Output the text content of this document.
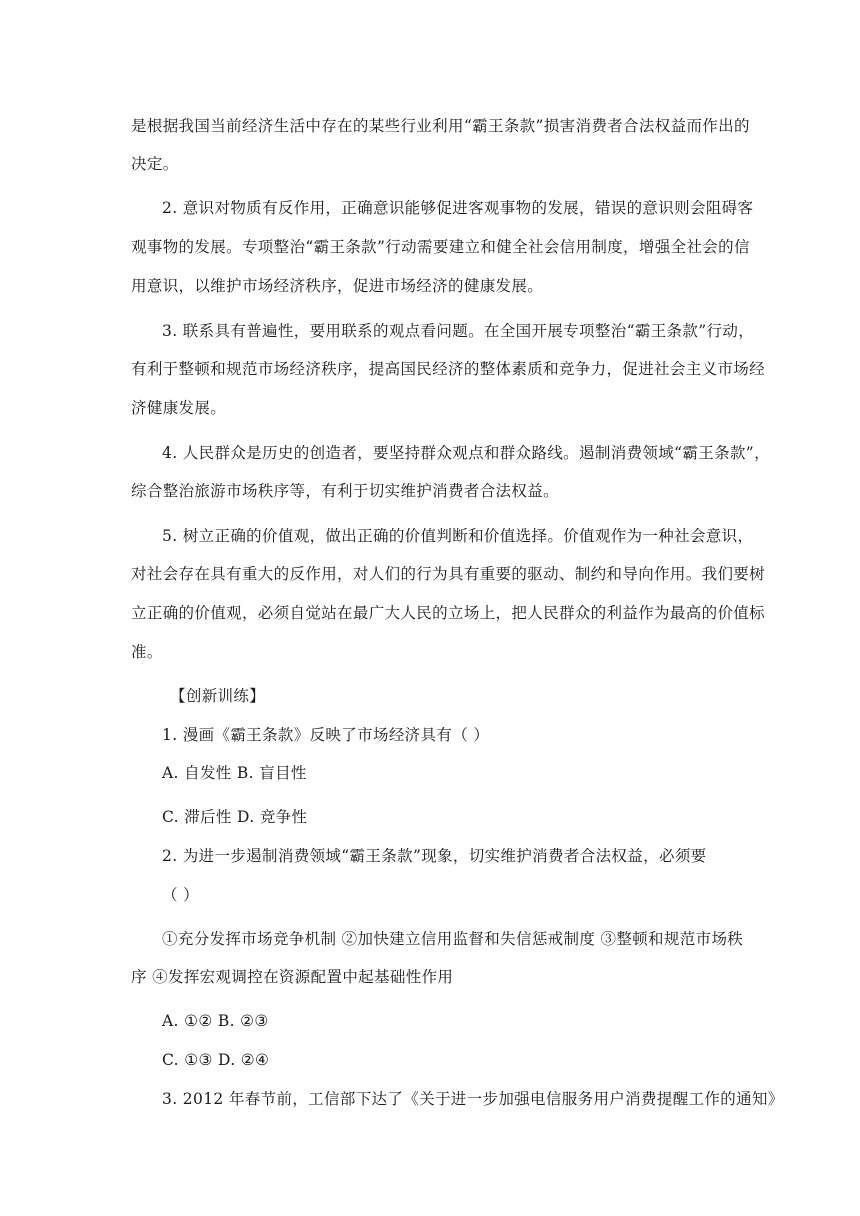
是根据我国当前经济生活中存在的某些行业利用“霸王条款”损害消费者合法权益而作出的
决定。
2. 意识对物质有反作用，正确意识能够促进客观事物的发展，错误的意识则会阻碍客
观事物的发展。专项整治“霸王条款”行动需要建立和健全社会信用制度，增强全社会的信
用意识，以维护市场经济秩序，促进市场经济的健康发展。
3. 联系具有普遍性，要用联系的观点看问题。在全国开展专项整治“霸王条款”行动，
有利于整顿和规范市场经济秩序，提高国民经济的整体素质和竞争力，促进社会主义市场经
济健康发展。
4. 人民群众是历史的创造者，要坚持群众观点和群众路线。遏制消费领域“霸王条款”，
综合整治旅游市场秩序等，有利于切实维护消费者合法权益。
5. 树立正确的价值观，做出正确的价值判断和价值选择。价值观作为一种社会意识，
对社会存在具有重大的反作用，对人们的行为具有重要的驱动、制约和导向作用。我们要树
立正确的价值观，必须自觉站在最广大人民的立场上，把人民群众的利益作为最高的价值标
准。
【创新训练】
1. 漫画《霸王条款》反映了市场经济具有（ ）
A. 自发性 B. 盲目性
C. 滞后性 D. 竞争性
2. 为进一步遏制消费领域“霸王条款”现象，切实维护消费者合法权益，必须要
（ ）
①充分发挥市场竞争机制 ②加快建立信用监督和失信惩戒制度 ③整顿和规范市场秩
序 ④发挥宏观调控在资源配置中起基础性作用
A. ①② B. ②③
C. ①③ D. ②④
3. 2012 年春节前，工信部下达了《关于进一步加强电信服务用户消费提醒工作的通知》
